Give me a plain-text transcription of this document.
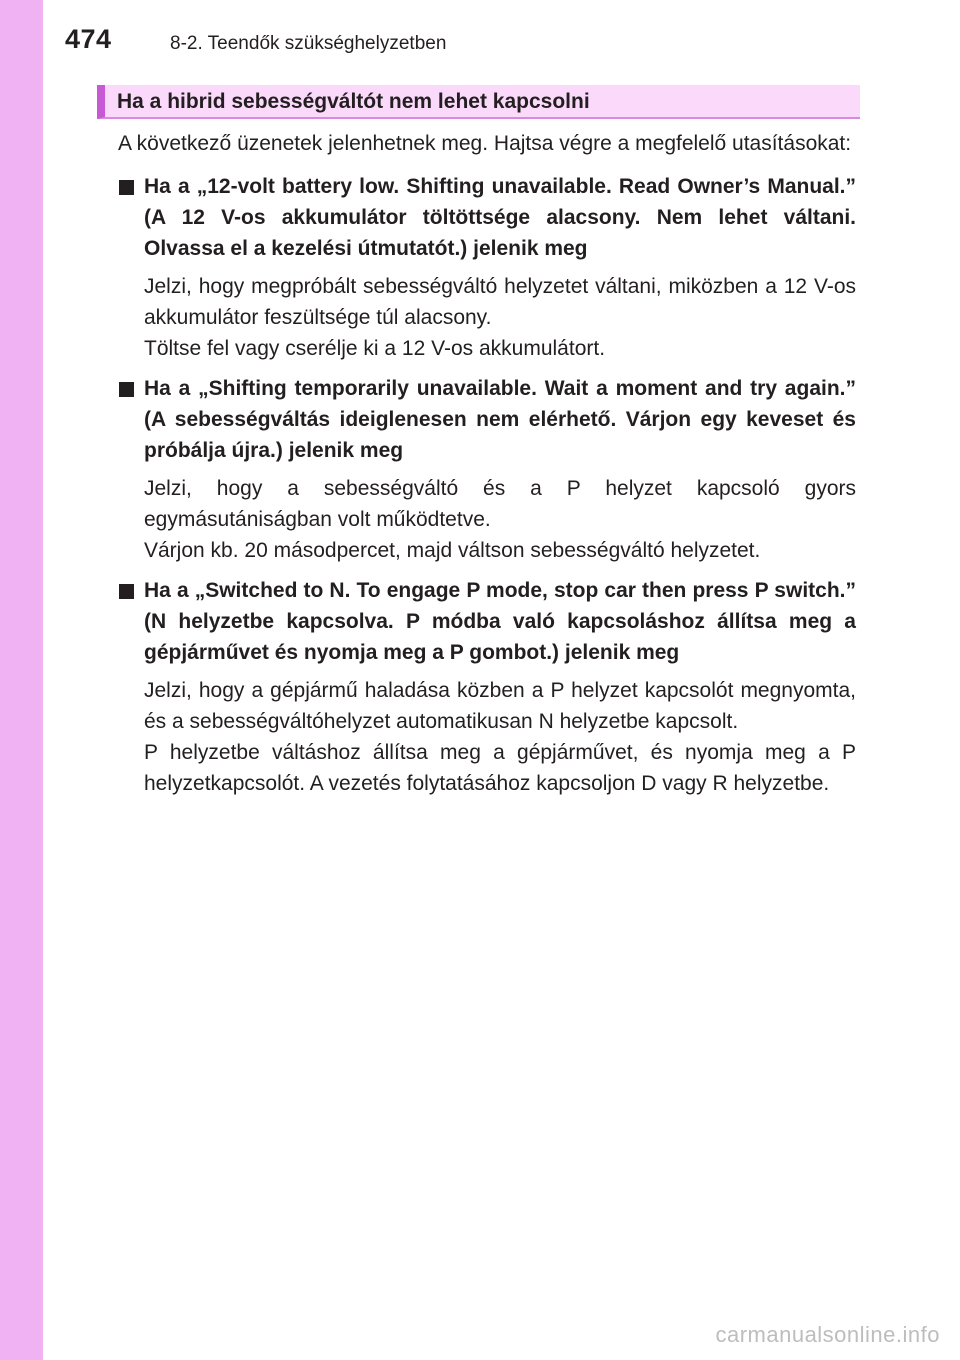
474	8-2. Teendők szükséghelyzetben
Ha a hibrid sebességváltót nem lehet kapcsolni

A következő üzenetek jelenhetnek meg. Hajtsa végre a megfelelő utasításokat:

Ha a „12-volt battery low. Shifting unavailable. Read Owner’s Manual.” (A 12 V-os akkumulátor töltöttsége alacsony. Nem lehet váltani. Olvassa el a kezelési útmutatót.) jelenik meg

Jelzi, hogy megpróbált sebességváltó helyzetet váltani, miközben a 12 V-os akkumulátor feszültsége túl alacsony.

Töltse fel vagy cserélje ki a 12 V-os akkumulátort.

Ha a „Shifting temporarily unavailable. Wait a moment and try again.” (A sebességváltás ideiglenesen nem elérhető. Várjon egy keveset és próbálja újra.) jelenik meg

Jelzi, hogy a sebességváltó és a P helyzet kapcsoló gyors egymásutániságban volt működtetve.

Várjon kb. 20 másodpercet, majd váltson sebességváltó helyzetet.

Ha a „Switched to N. To engage P mode, stop car then press P switch.” (N helyzetbe kapcsolva. P módba való kapcsoláshoz állítsa meg a gépjárművet és nyomja meg a P gombot.) jelenik meg

Jelzi, hogy a gépjármű haladása közben a P helyzet kapcsolót megnyomta, és a sebességváltóhelyzet automatikusan N helyzetbe kapcsolt.

P helyzetbe váltáshoz állítsa meg a gépjárművet, és nyomja meg a P helyzetkapcsolót. A vezetés folytatásához kapcsoljon D vagy R helyzetbe.

carmanualsonline.info
